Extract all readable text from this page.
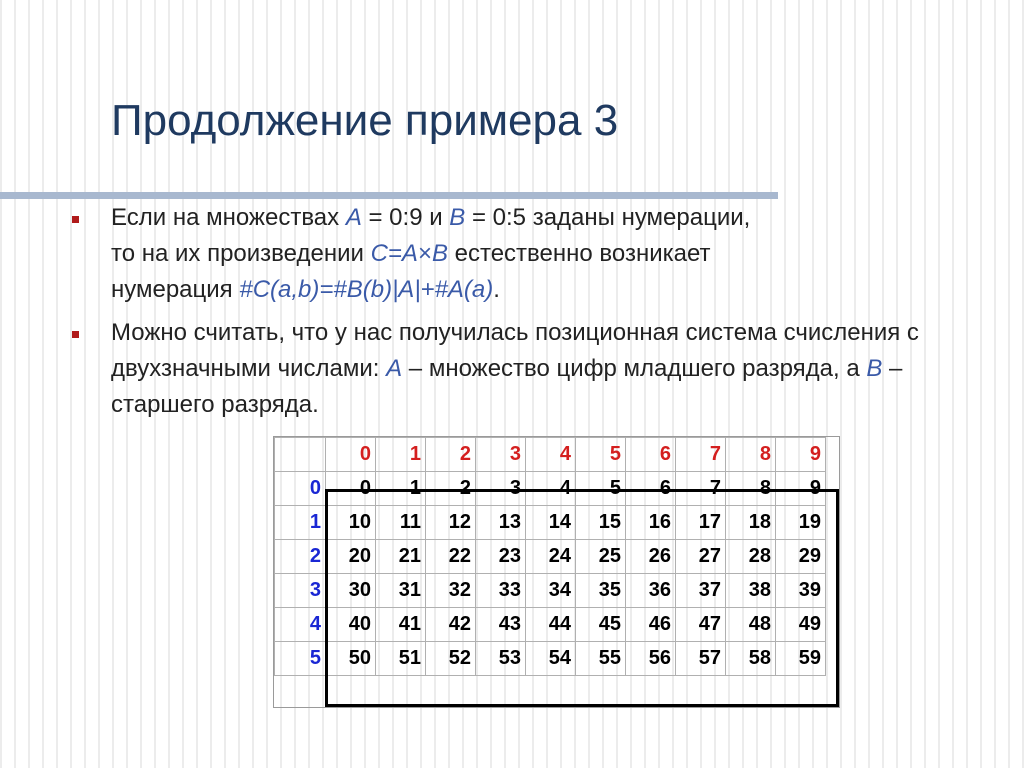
Продолжение примера 3
Если на множествах A = 0:9 и B = 0:5 заданы нумерации,
то на их произведении C=A×B естественно возникает
нумерация #C(a,b)=#B(b)|A|+#A(a).
Можно считать, что у нас получилась позиционная система счисления с двухзначными числами: A – множество цифр младшего разряда, а B – старшего разряда.
	0	1	2	3	4	5	6	7	8	9
0	0	1	2	3	4	5	6	7	8	9
1	10	11	12	13	14	15	16	17	18	19
2	20	21	22	23	24	25	26	27	28	29
3	30	31	32	33	34	35	36	37	38	39
4	40	41	42	43	44	45	46	47	48	49
5	50	51	52	53	54	55	56	57	58	59
